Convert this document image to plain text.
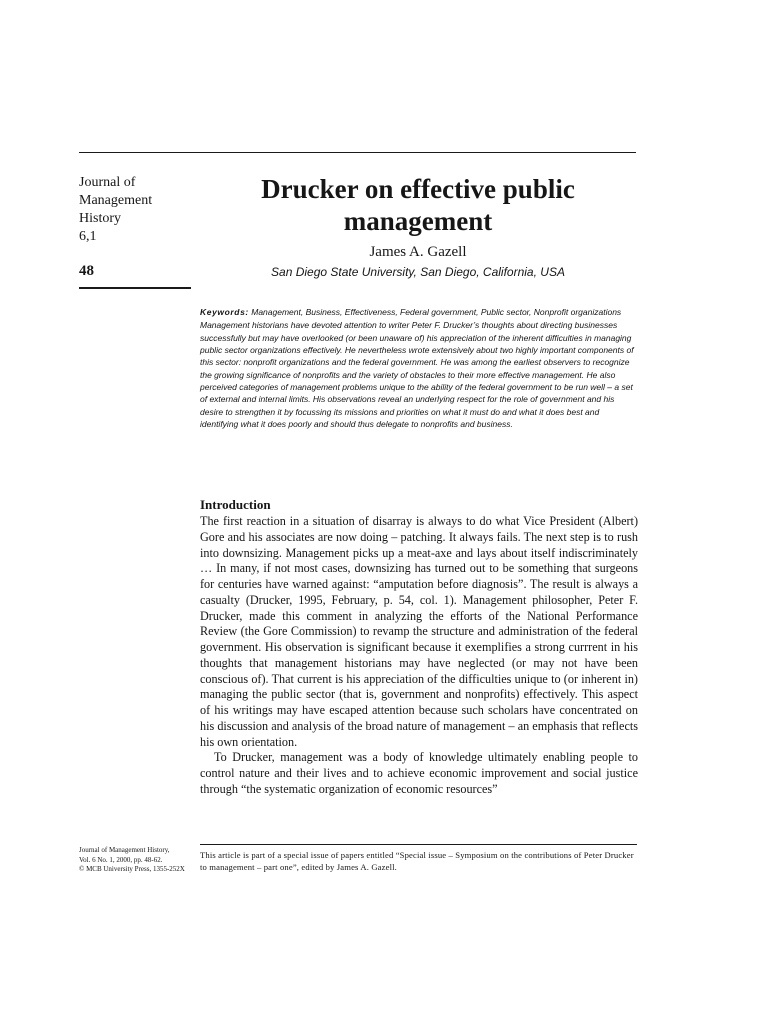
Journal of
Management
History
6,1
48
Drucker on effective public management
James A. Gazell
San Diego State University, San Diego, California, USA

Keywords: Management, Business, Effectiveness, Federal government, Public sector, Nonprofit organizations

Management historians have devoted attention to writer Peter F. Drucker’s thoughts about directing businesses successfully but may have overlooked (or been unaware of) his appreciation of the inherent difficulties in managing public sector organizations effectively. He nevertheless wrote extensively about two highly important components of this sector: nonprofit organizations and the federal government. He was among the earliest observers to recognize the growing significance of nonprofits and the variety of obstacles to their more effective management. He also perceived categories of management problems unique to the ability of the federal government to be run well – a set of external and internal limits. His observations reveal an underlying respect for the role of government and his desire to strengthen it by focussing its missions and priorities on what it must do and what it does best and identifying what it does poorly and should thus delegate to nonprofits and business.

Introduction

The first reaction in a situation of disarray is always to do what Vice President (Albert) Gore and his associates are now doing – patching. It always fails. The next step is to rush into downsizing. Management picks up a meat-axe and lays about itself indiscriminately … In many, if not most cases, downsizing has turned out to be something that surgeons for centuries have warned against: “amputation before diagnosis”. The result is always a casualty (Drucker, 1995, February, p. 54, col. 1). Management philosopher, Peter F. Drucker, made this comment in analyzing the efforts of the National Performance Review (the Gore Commission) to revamp the structure and administration of the federal government. His observation is significant because it exemplifies a strong currrent in his thoughts that management historians may have neglected (or may not have been conscious of). That current is his appreciation of the difficulties unique to (or inherent in) managing the public sector (that is, government and nonprofits) effectively. This aspect of his writings may have escaped attention because such scholars have concentrated on his discussion and analysis of the broad nature of management – an emphasis that reflects his own orientation.

To Drucker, management was a body of knowledge ultimately enabling people to control nature and their lives and to achieve economic improvement and social justice through “the systematic organization of economic resources”

Journal of Management History,
Vol. 6 No. 1, 2000, pp. 48-62.
© MCB University Press, 1355-252X
This article is part of a special issue of papers entitled “Special issue – Symposium on the contributions of Peter Drucker to management – part one”, edited by James A. Gazell.
